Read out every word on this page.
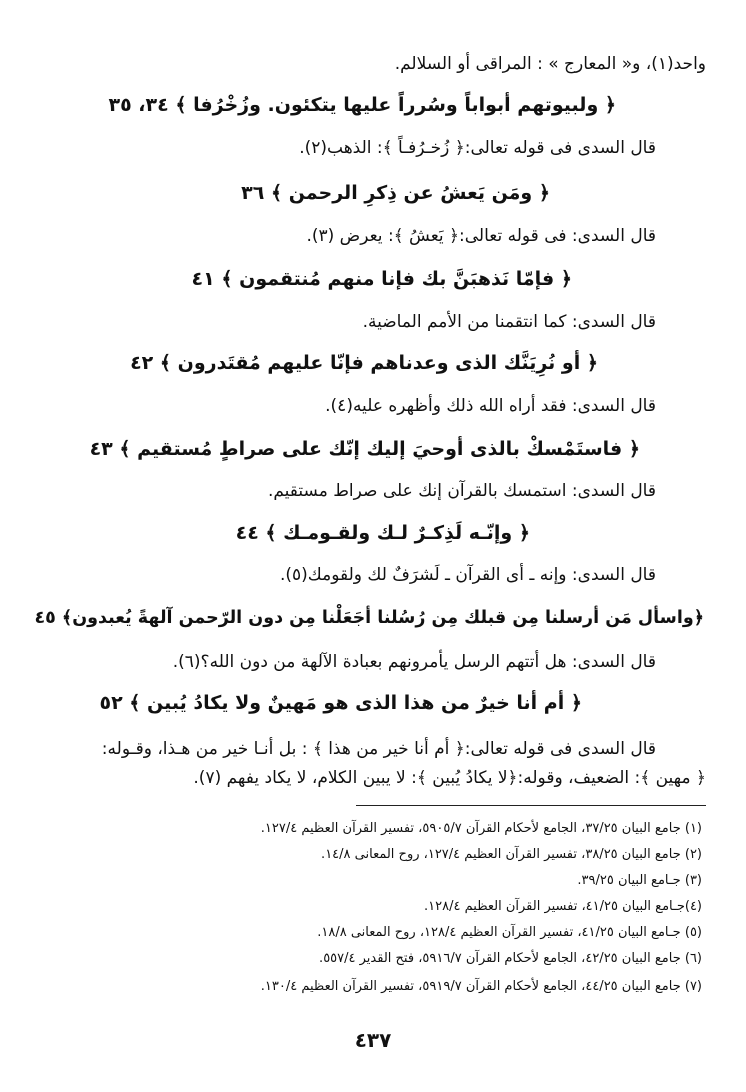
واحد(١)، و« المعارج » : المراقى أو السلالم.
﴿ ولبيوتهم أبواباً وسُرراً عليها يتكئون. وزُخْرُفا ﴾ ٣٤، ٣٥
قال السدى فى قوله تعالى:﴿ زُخـرُفـاً ﴾: الذهب(٢).
﴿ ومَن يَعشُ عن ذِكرِ الرحمن ﴾ ٣٦
قال السدى: فى قوله تعالى:﴿ يَعشُ ﴾: يعرض (٣).
﴿ فإمّا نَذهبَنَّ بك فإنا منهم مُنتقمون ﴾ ٤١
قال السدى: كما انتقمنا من الأمم الماضية.
﴿ أو نُرِيَنَّك الذى وعدناهم فإنّا عليهم مُقتَدرون ﴾ ٤٢
قال السدى: فقد أراه الله ذلك وأظهره عليه(٤).
﴿ فاستَمْسكْ بالذى أوحيَ إليك إنّك على صراطٍ مُستقيم ﴾ ٤٣
قال السدى: استمسك بالقرآن إنك على صراط مستقيم.
﴿ وإنّـه لَذِكـرٌ لـك ولقـومـك ﴾ ٤٤
قال السدى: وإنه ـ أى القرآن ـ لَشرَفٌ لك ولقومك(٥).
﴿واسأل مَن أرسلنا مِن قبلك مِن رُسُلنا أجَعَلْنا مِن دون الرّحمن آلهةً يُعبدون﴾ ٤٥
قال السدى: هل أتتهم الرسل يأمرونهم بعبادة الآلهة من دون الله؟(٦).
﴿ أم أنا خيرٌ من هذا الذى هو مَهينٌ ولا يكادُ يُبين ﴾ ٥٢
قال السدى فى قوله تعالى:﴿ أم أنا خير من هذا ﴾ : بل أنـا خير من هـذا، وقـوله:
﴿ مهين ﴾: الضعيف، وقوله:﴿لا يكادُ يُبين ﴾: لا يبين الكلام، لا يكاد يفهم (٧).
(١) جامع البيان ٣٧/٢٥، الجامع لأحكام القرآن ٥٩٠٥/٧، تفسير القرآن العظيم ١٢٧/٤.
(٢) جامع البيان ٣٨/٢٥، تفسير القرآن العظيم ١٢٧/٤، روح المعانى ١٤/٨.
(٣) جـامع البيان ٣٩/٢٥.
(٤)جـامع البيان ٤١/٢٥، تفسير القرآن العظيم ١٢٨/٤.
(٥) جـامع البيان ٤١/٢٥، تفسير القرآن العظيم ١٢٨/٤، روح المعانى ١٨/٨.
(٦) جامع البيان ٤٢/٢٥، الجامع لأحكام القرآن ٥٩١٦/٧، فتح القدير ٥٥٧/٤.
(٧) جامع البيان ٤٤/٢٥، الجامع لأحكام القرآن ٥٩١٩/٧، تفسير القرآن العظيم ١٣٠/٤.
٤٣٧
